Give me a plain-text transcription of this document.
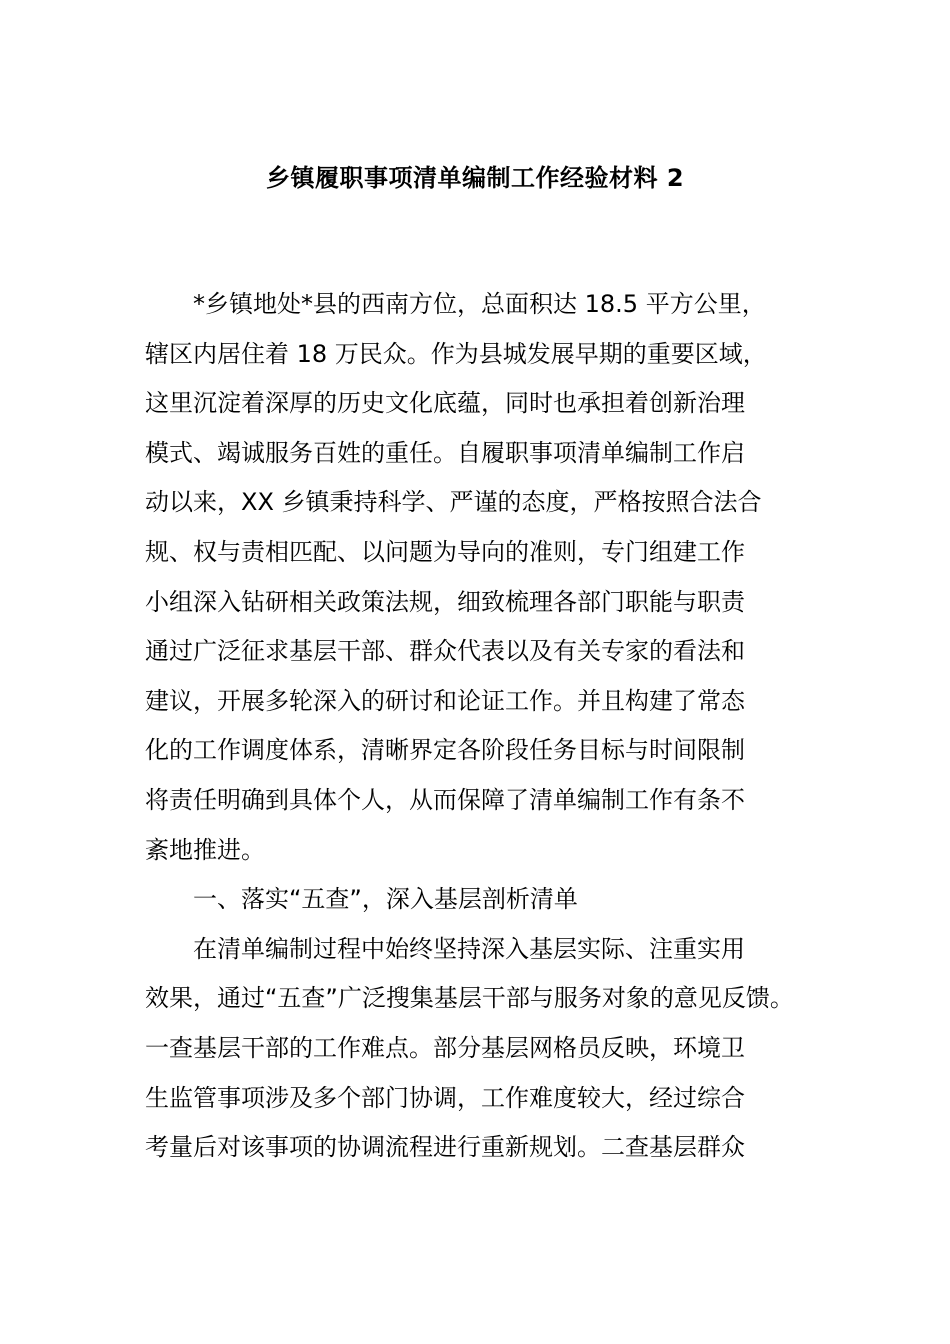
乡镇履职事项清单编制工作经验材料 2
*乡镇地处*县的西南方位，总面积达 18.5 平方公里，
辖区内居住着 18 万民众。作为县城发展早期的重要区域，
这里沉淀着深厚的历史文化底蕴，同时也承担着创新治理
模式、竭诚服务百姓的重任。自履职事项清单编制工作启
动以来，XX 乡镇秉持科学、严谨的态度，严格按照合法合
规、权与责相匹配、以问题为导向的准则，专门组建工作
小组深入钻研相关政策法规，细致梳理各部门职能与职责
通过广泛征求基层干部、群众代表以及有关专家的看法和
建议，开展多轮深入的研讨和论证工作。并且构建了常态
化的工作调度体系，清晰界定各阶段任务目标与时间限制
将责任明确到具体个人，从而保障了清单编制工作有条不
紊地推进。
一、落实“五查”，深入基层剖析清单
在清单编制过程中始终坚持深入基层实际、注重实用
效果，通过“五查”广泛搜集基层干部与服务对象的意见反馈。
一查基层干部的工作难点。部分基层网格员反映，环境卫
生监管事项涉及多个部门协调，工作难度较大，经过综合
考量后对该事项的协调流程进行重新规划。二查基层群众
